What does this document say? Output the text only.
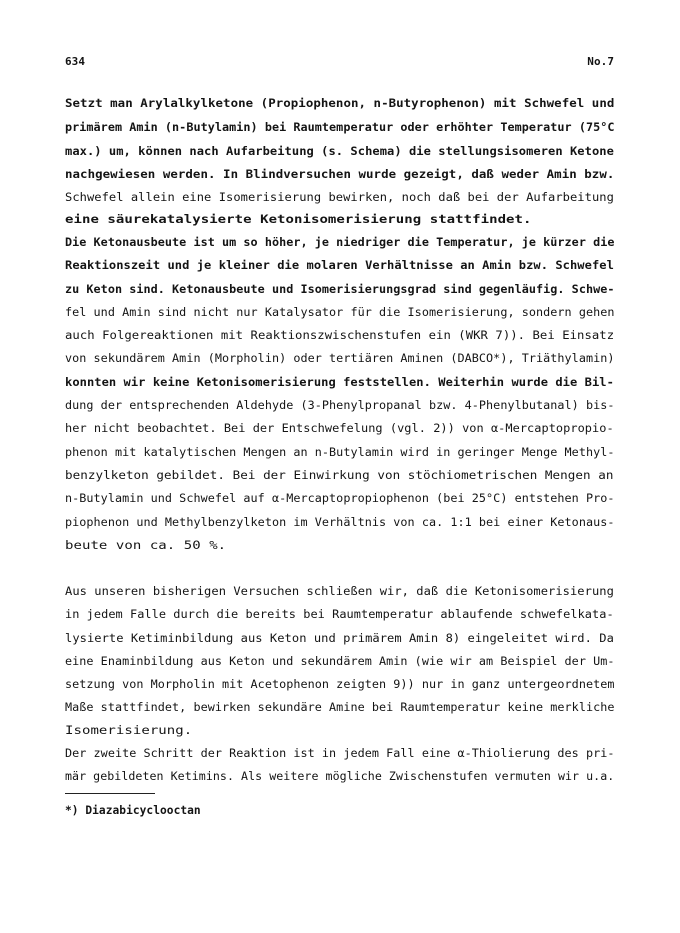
634	No.7
Setzt man Arylalkylketone (Propiophenon, n-Butyrophenon) mit Schwefel und
primärem Amin (n-Butylamin) bei Raumtemperatur oder erhöhter Temperatur (75°C
max.) um, können nach Aufarbeitung (s. Schema) die stellungsisomeren Ketone
nachgewiesen werden. In Blindversuchen wurde gezeigt, daß weder Amin bzw.
Schwefel allein eine Isomerisierung bewirken, noch daß bei der Aufarbeitung
eine säurekatalysierte Ketonisomerisierung stattfindet.
Die Ketonausbeute ist um so höher, je niedriger die Temperatur, je kürzer die
Reaktionszeit und je kleiner die molaren Verhältnisse an Amin bzw. Schwefel
zu Keton sind. Ketonausbeute und Isomerisierungsgrad sind gegenläufig. Schwe-
fel und Amin sind nicht nur Katalysator für die Isomerisierung, sondern gehen
auch Folgereaktionen mit Reaktionszwischenstufen ein (WKR 7)). Bei Einsatz
von sekundärem Amin (Morpholin) oder tertiären Aminen (DABCO*), Triäthylamin)
konnten wir keine Ketonisomerisierung feststellen. Weiterhin wurde die Bil-
dung der entsprechenden Aldehyde (3-Phenylpropanal bzw. 4-Phenylbutanal) bis-
her nicht beobachtet. Bei der Entschwefelung (vgl. 2)) von α-Mercaptopropio-
phenon mit katalytischen Mengen an n-Butylamin wird in geringer Menge Methyl-
benzylketon gebildet. Bei der Einwirkung von stöchiometrischen Mengen an
n-Butylamin und Schwefel auf α-Mercaptopropiophenon (bei 25°C) entstehen Pro-
piophenon und Methylbenzylketon im Verhältnis von ca. 1:1 bei einer Ketonaus-
beute von ca. 50 %.
Aus unseren bisherigen Versuchen schließen wir, daß die Ketonisomerisierung
in jedem Falle durch die bereits bei Raumtemperatur ablaufende schwefelkata-
lysierte Ketiminbildung aus Keton und primärem Amin 8) eingeleitet wird. Da
eine Enaminbildung aus Keton und sekundärem Amin (wie wir am Beispiel der Um-
setzung von Morpholin mit Acetophenon zeigten 9)) nur in ganz untergeordnetem
Maße stattfindet, bewirken sekundäre Amine bei Raumtemperatur keine merkliche
Isomerisierung.
Der zweite Schritt der Reaktion ist in jedem Fall eine α-Thiolierung des pri-
mär gebildeten Ketimins. Als weitere mögliche Zwischenstufen vermuten wir u.a.
*) Diazabicyclooctan
